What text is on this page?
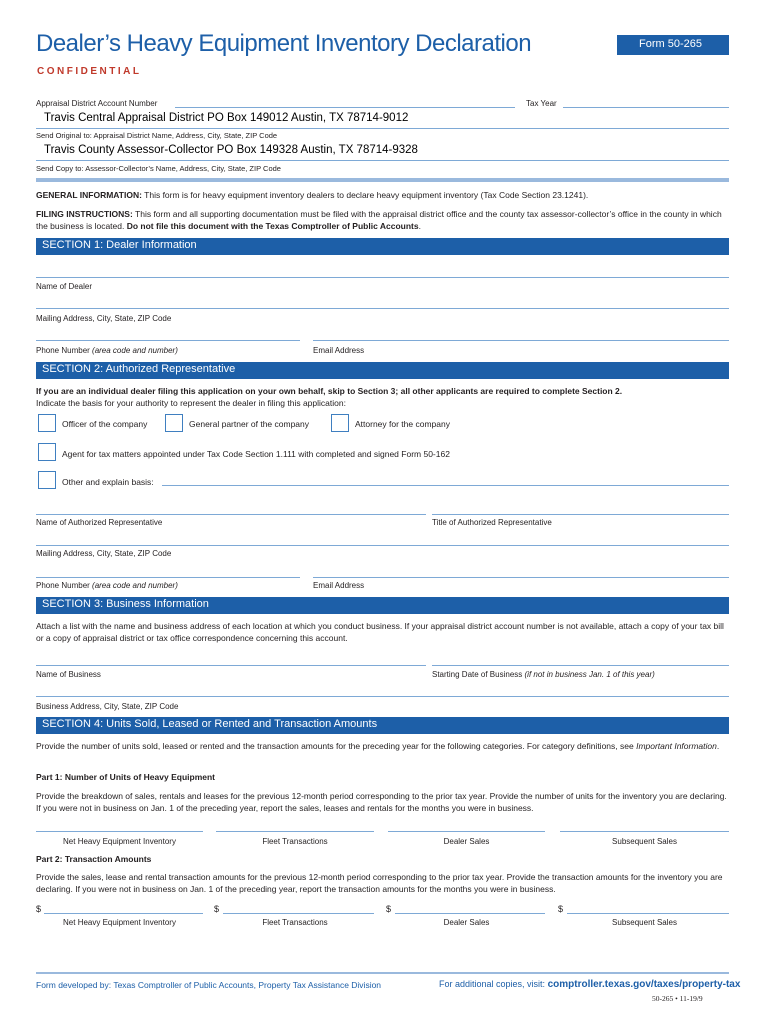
Dealer’s Heavy Equipment Inventory Declaration	Form 50-265
CONFIDENTIAL
Appraisal District Account Number	Tax Year
Travis Central Appraisal District PO Box 149012 Austin, TX 78714-9012
Send Original to: Appraisal District Name, Address, City, State, ZIP Code
Travis County Assessor-Collector PO Box 149328 Austin, TX 78714-9328
Send Copy to: Assessor-Collector’s Name, Address, City, State, ZIP Code
GENERAL INFORMATION: This form is for heavy equipment inventory dealers to declare heavy equipment inventory (Tax Code Section 23.1241).
FILING INSTRUCTIONS: This form and all supporting documentation must be filed with the appraisal district office and the county tax assessor-collector’s office in the county in which the business is located. Do not file this document with the Texas Comptroller of Public Accounts.
SECTION 1: Dealer Information
Name of Dealer
Mailing Address, City, State, ZIP Code
Phone Number (area code and number)	Email Address
SECTION 2: Authorized Representative
If you are an individual dealer filing this application on your own behalf, skip to Section 3; all other applicants are required to complete Section 2.
Indicate the basis for your authority to represent the dealer in filing this application:
Officer of the company	General partner of the company	Attorney for the company
Agent for tax matters appointed under Tax Code Section 1.111 with completed and signed Form 50-162
Other and explain basis:
Name of Authorized Representative	Title of Authorized Representative
Mailing Address, City, State, ZIP Code
Phone Number (area code and number)	Email Address
SECTION 3: Business Information
Attach a list with the name and business address of each location at which you conduct business. If your appraisal district account number is not available, attach a copy of your tax bill or a copy of appraisal district or tax office correspondence concerning this account.
Name of Business	Starting Date of Business (if not in business Jan. 1 of this year)
Business Address, City, State, ZIP Code
SECTION 4: Units Sold, Leased or Rented and Transaction Amounts
Provide the number of units sold, leased or rented and the transaction amounts for the preceding year for the following categories. For category definitions, see Important Information.
Part 1: Number of Units of Heavy Equipment
Provide the breakdown of sales, rentals and leases for the previous 12-month period corresponding to the prior tax year. Provide the number of units for the inventory you are declaring. If you were not in business on Jan. 1 of the preceding year, report the sales, leases and rentals for the months you were in business.
Net Heavy Equipment Inventory	Fleet Transactions	Dealer Sales	Subsequent Sales
Part 2: Transaction Amounts
Provide the sales, lease and rental transaction amounts for the previous 12-month period corresponding to the prior tax year. Provide the transaction amounts for the inventory you are declaring. If you were not in business on Jan. 1 of the preceding year, report the transaction amounts for the months you were in business.
$	$	$	$
Net Heavy Equipment Inventory	Fleet Transactions	Dealer Sales	Subsequent Sales
Form developed by: Texas Comptroller of Public Accounts, Property Tax Assistance Division	For additional copies, visit: comptroller.texas.gov/taxes/property-tax
50-265 • 11-19/9
